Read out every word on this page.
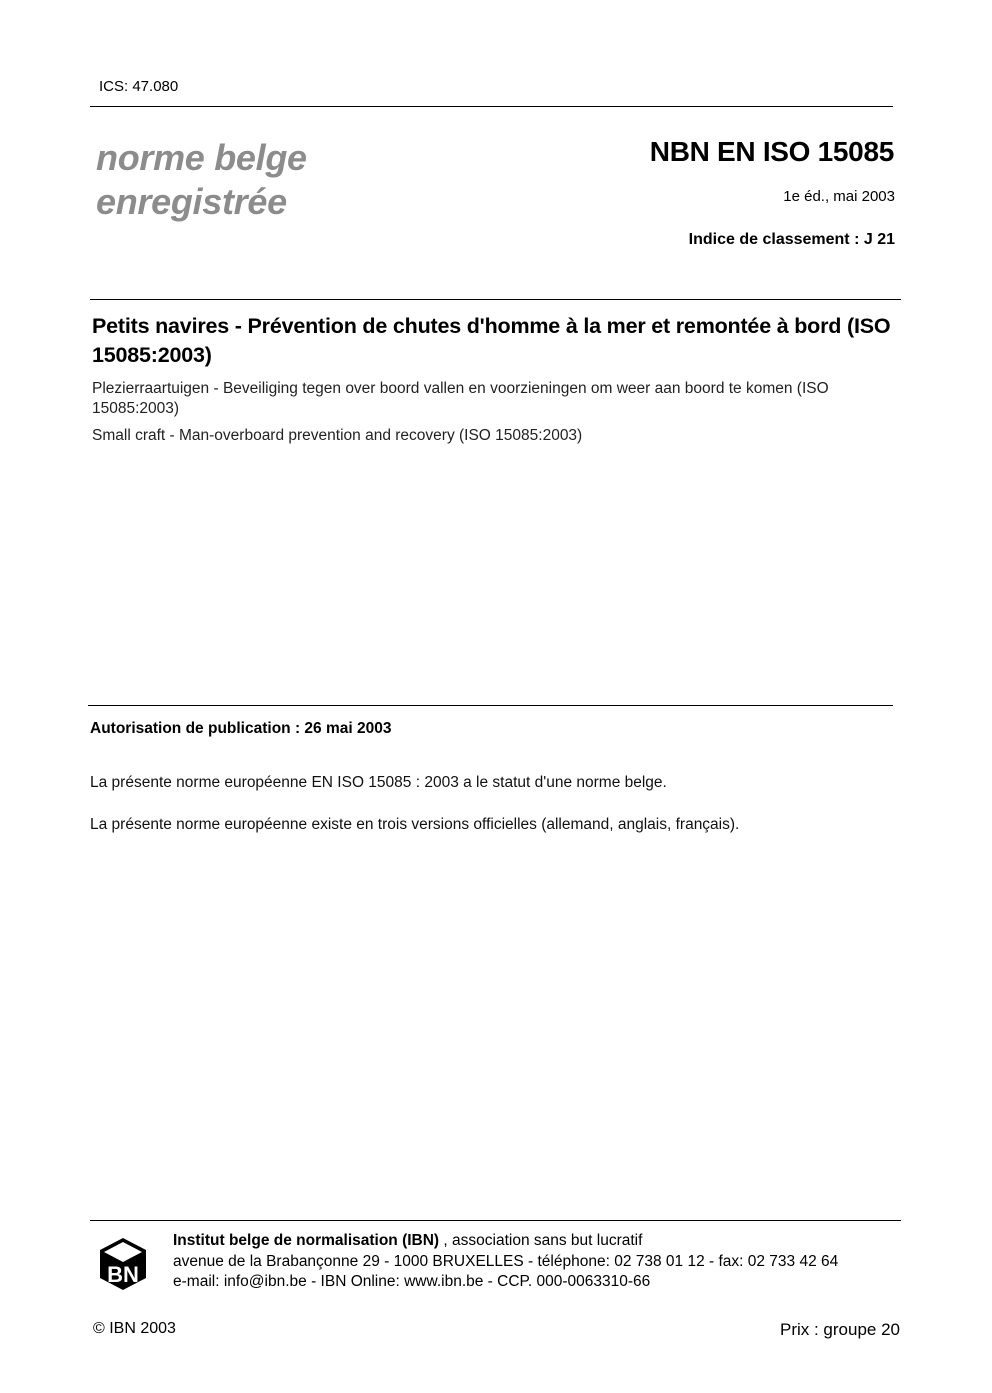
ICS: 47.080
norme belge
enregistrée
NBN EN ISO 15085
1e éd., mai 2003
Indice de classement : J 21
Petits navires - Prévention de chutes d'homme à la mer et remontée à bord (ISO 15085:2003)
Plezierraartuigen - Beveiliging tegen over boord vallen en voorzieningen om weer aan boord te komen (ISO 15085:2003)
Small craft - Man-overboard prevention and recovery (ISO 15085:2003)
Autorisation de publication : 26 mai 2003
La présente norme européenne EN ISO 15085 : 2003 a le statut d'une norme belge.
La présente norme européenne existe en trois versions officielles (allemand, anglais, français).
BN
Institut belge de normalisation (IBN) , association sans but lucratif
avenue de la Brabançonne 29 - 1000 BRUXELLES - téléphone: 02 738 01 12 - fax: 02 733 42 64
e-mail: info@ibn.be - IBN Online: www.ibn.be - CCP. 000-0063310-66
© IBN 2003	Prix : groupe 20
